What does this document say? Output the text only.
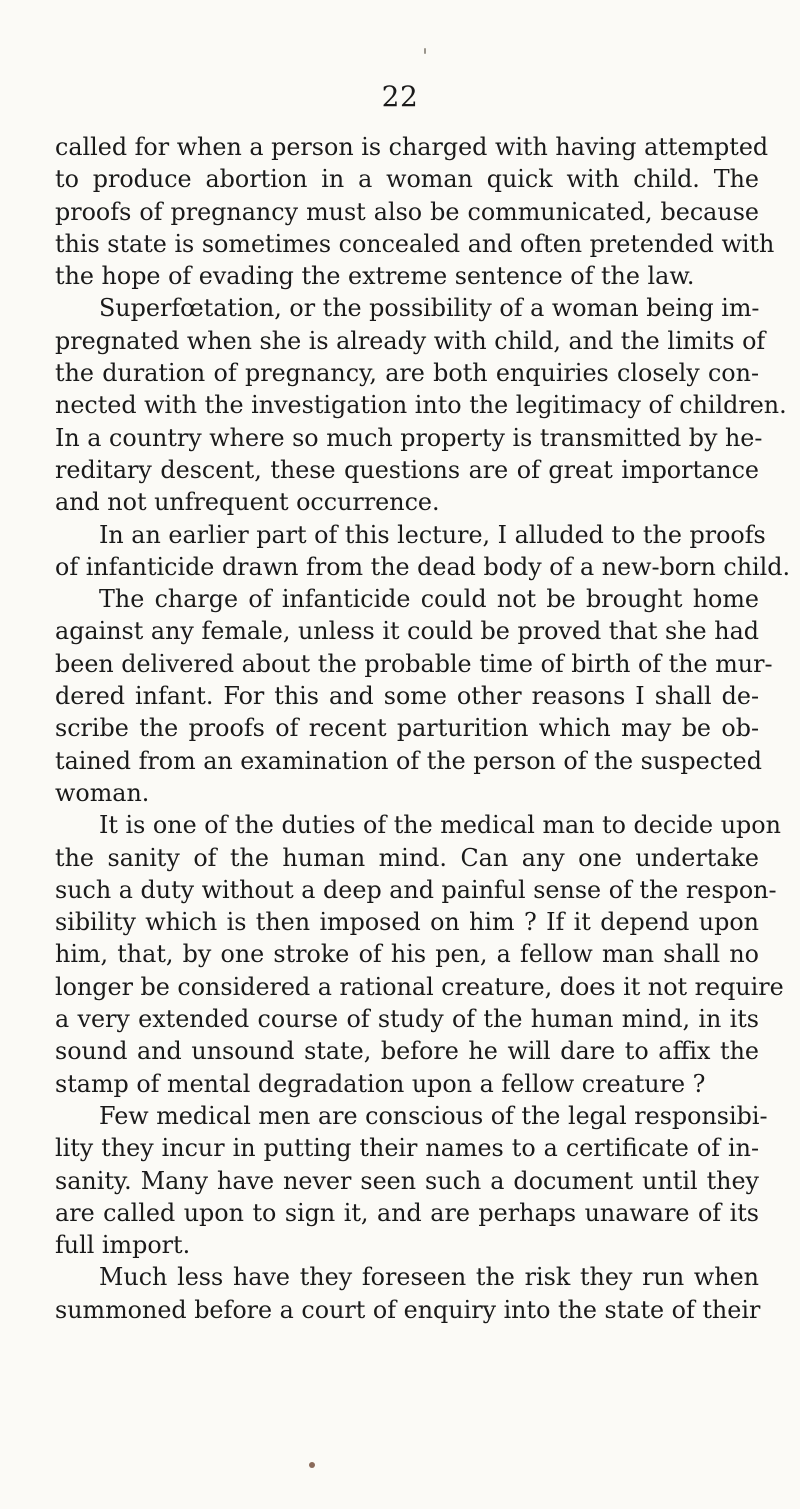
22
called for when a person is charged with having attempted
to produce abortion in a woman quick with child. The
proofs of pregnancy must also be communicated, because
this state is sometimes concealed and often pretended with
the hope of evading the extreme sentence of the law.
Superfœtation, or the possibility of a woman being im-
pregnated when she is already with child, and the limits of
the duration of pregnancy, are both enquiries closely con-
nected with the investigation into the legitimacy of children.
In a country where so much property is transmitted by he-
reditary descent, these questions are of great importance
and not unfrequent occurrence.
In an earlier part of this lecture, I alluded to the proofs
of infanticide drawn from the dead body of a new-born child.
The charge of infanticide could not be brought home
against any female, unless it could be proved that she had
been delivered about the probable time of birth of the mur-
dered infant. For this and some other reasons I shall de-
scribe the proofs of recent parturition which may be ob-
tained from an examination of the person of the suspected
woman.
It is one of the duties of the medical man to decide upon
the sanity of the human mind. Can any one undertake
such a duty without a deep and painful sense of the respon-
sibility which is then imposed on him ? If it depend upon
him, that, by one stroke of his pen, a fellow man shall no
longer be considered a rational creature, does it not require
a very extended course of study of the human mind, in its
sound and unsound state, before he will dare to affix the
stamp of mental degradation upon a fellow creature ?
Few medical men are conscious of the legal responsibi-
lity they incur in putting their names to a certificate of in-
sanity. Many have never seen such a document until they
are called upon to sign it, and are perhaps unaware of its
full import.
Much less have they foreseen the risk they run when
summoned before a court of enquiry into the state of their
